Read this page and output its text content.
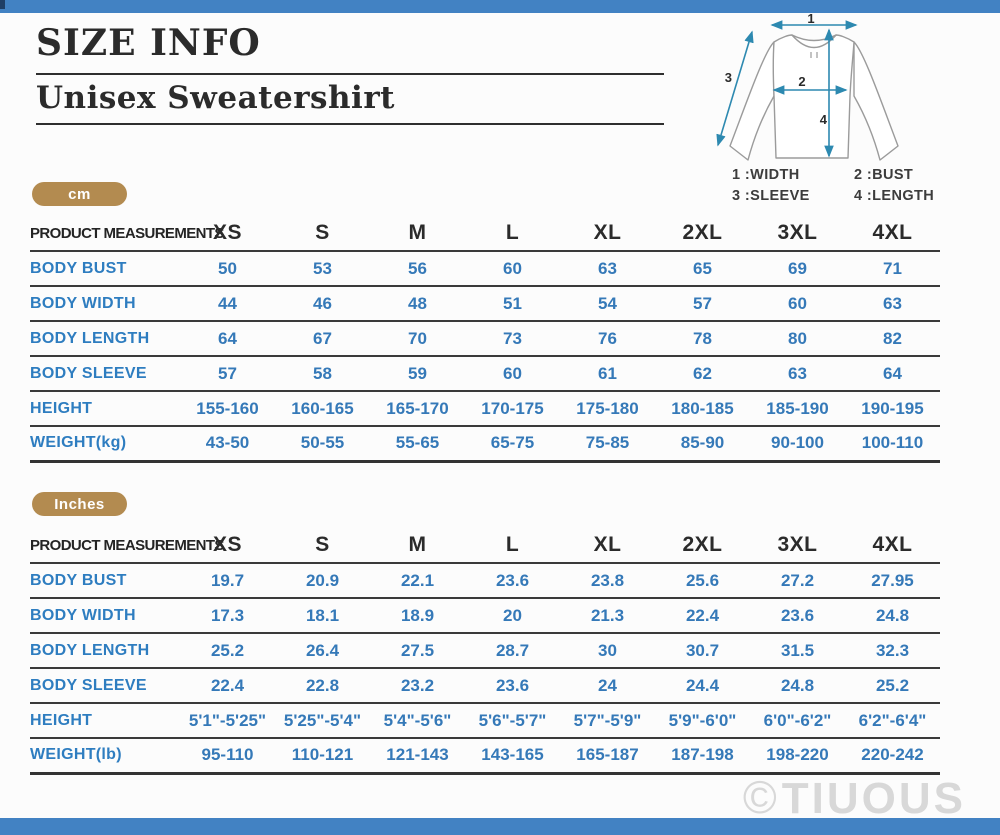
SIZE INFO
Unisex Sweatershirt
1
2
3
4
1 :WIDTH	2 :BUST
3 :SLEEVE	4 :LENGTH
cm
PRODUCT MEASUREMENTS	XS	S	M	L	XL	2XL	3XL	4XL
BODY BUST	50	53	56	60	63	65	69	71
BODY WIDTH	44	46	48	51	54	57	60	63
BODY LENGTH	64	67	70	73	76	78	80	82
BODY SLEEVE	57	58	59	60	61	62	63	64
HEIGHT	155-160	160-165	165-170	170-175	175-180	180-185	185-190	190-195
WEIGHT(kg)	43-50	50-55	55-65	65-75	75-85	85-90	90-100	100-110
Inches
PRODUCT MEASUREMENTS	XS	S	M	L	XL	2XL	3XL	4XL
BODY BUST	19.7	20.9	22.1	23.6	23.8	25.6	27.2	27.95
BODY WIDTH	17.3	18.1	18.9	20	21.3	22.4	23.6	24.8
BODY LENGTH	25.2	26.4	27.5	28.7	30	30.7	31.5	32.3
BODY SLEEVE	22.4	22.8	23.2	23.6	24	24.4	24.8	25.2
HEIGHT	5'1"-5'25"	5'25"-5'4"	5'4"-5'6"	5'6"-5'7"	5'7"-5'9"	5'9"-6'0"	6'0"-6'2"	6'2"-6'4"
WEIGHT(lb)	95-110	110-121	121-143	143-165	165-187	187-198	198-220	220-242
©TIUOUS
